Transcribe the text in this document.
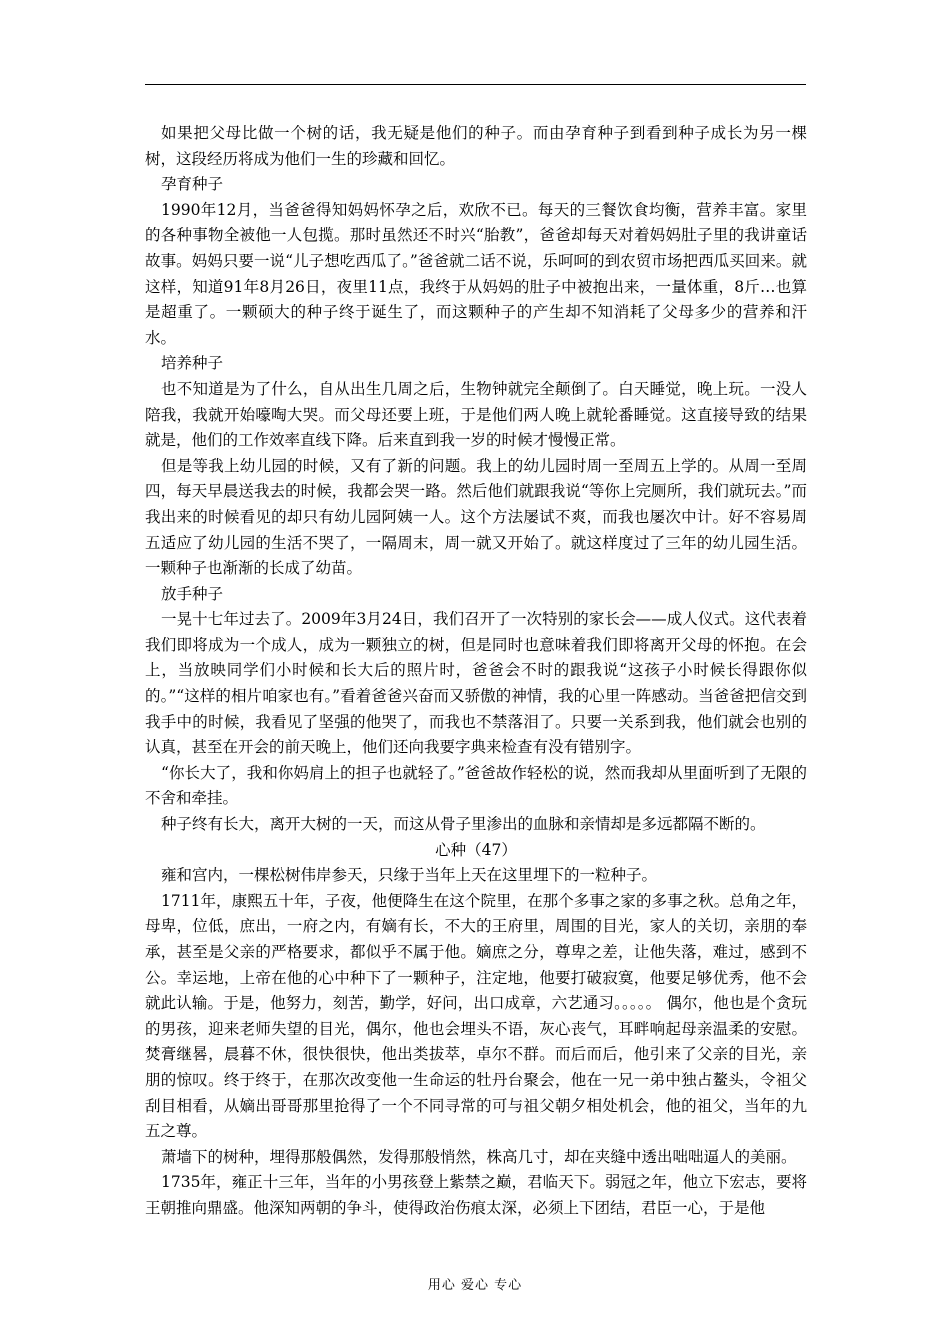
如果把父母比做一个树的话，我无疑是他们的种子。而由孕育种子到看到种子成长为另一棵树，这段经历将成为他们一生的珍藏和回忆。

孕育种子

1990年12月，当爸爸得知妈妈怀孕之后，欢欣不已。每天的三餐饮食均衡，营养丰富。家里的各种事物全被他一人包揽。那时虽然还不时兴“胎教”，爸爸却每天对着妈妈肚子里的我讲童话故事。妈妈只要一说“儿子想吃西瓜了。”爸爸就二话不说，乐呵呵的到农贸市场把西瓜买回来。就这样，知道91年8月26日，夜里11点，我终于从妈妈的肚子中被抱出来，一量体重，8斤…也算是超重了。一颗硕大的种子终于诞生了，而这颗种子的产生却不知消耗了父母多少的营养和汗水。

培养种子

也不知道是为了什么，自从出生几周之后，生物钟就完全颠倒了。白天睡觉，晚上玩。一没人陪我，我就开始嚎啕大哭。而父母还要上班，于是他们两人晚上就轮番睡觉。这直接导致的结果就是，他们的工作效率直线下降。后来直到我一岁的时候才慢慢正常。

但是等我上幼儿园的时候，又有了新的问题。我上的幼儿园时周一至周五上学的。从周一至周四，每天早晨送我去的时候，我都会哭一路。然后他们就跟我说“等你上完厕所，我们就玩去。”而我出来的时候看见的却只有幼儿园阿姨一人。这个方法屡试不爽，而我也屡次中计。好不容易周五适应了幼儿园的生活不哭了，一隔周末，周一就又开始了。就这样度过了三年的幼儿园生活。一颗种子也渐渐的长成了幼苗。

放手种子

一晃十七年过去了。2009年3月24日，我们召开了一次特别的家长会——成人仪式。这代表着我们即将成为一个成人，成为一颗独立的树，但是同时也意味着我们即将离开父母的怀抱。在会上，当放映同学们小时候和长大后的照片时，爸爸会不时的跟我说“这孩子小时候长得跟你似的。”“这样的相片咱家也有。”看着爸爸兴奋而又骄傲的神情，我的心里一阵感动。当爸爸把信交到我手中的时候，我看见了坚强的他哭了，而我也不禁落泪了。只要一关系到我，他们就会也别的认真，甚至在开会的前天晚上，他们还向我要字典来检查有没有错别字。

“你长大了，我和你妈肩上的担子也就轻了。”爸爸故作轻松的说，然而我却从里面听到了无限的不舍和牵挂。

种子终有长大，离开大树的一天，而这从骨子里渗出的血脉和亲情却是多远都隔不断的。

心种（47）

雍和宫内，一棵松树伟岸参天，只缘于当年上天在这里埋下的一粒种子。

1711年，康熙五十年，子夜，他便降生在这个院里，在那个多事之家的多事之秋。总角之年，母卑，位低，庶出，一府之内，有嫡有长，不大的王府里，周围的目光，家人的关切，亲朋的奉承，甚至是父亲的严格要求，都似乎不属于他。嫡庶之分，尊卑之差，让他失落，难过，感到不公。幸运地，上帝在他的心中种下了一颗种子，注定地，他要打破寂寞，他要足够优秀，他不会就此认输。于是，他努力，刻苦，勤学，好问，出口成章，六艺通习。。。。。 偶尔，他也是个贪玩的男孩，迎来老师失望的目光，偶尔，他也会埋头不语，灰心丧气，耳畔响起母亲温柔的安慰。焚膏继晷，晨暮不休，很快很快，他出类拔萃，卓尔不群。而后而后，他引来了父亲的目光，亲朋的惊叹。终于终于，在那次改变他一生命运的牡丹台聚会，他在一兄一弟中独占鳌头，令祖父刮目相看，从嫡出哥哥那里抢得了一个不同寻常的可与祖父朝夕相处机会，他的祖父，当年的九五之尊。

萧墙下的树种，埋得那般偶然，发得那般悄然，株高几寸，却在夹缝中透出咄咄逼人的美丽。

1735年，雍正十三年，当年的小男孩登上紫禁之巅，君临天下。弱冠之年，他立下宏志，要将王朝推向鼎盛。他深知两朝的争斗，使得政治伤痕太深，必须上下团结，君臣一心，于是他

用心 爱心 专心
